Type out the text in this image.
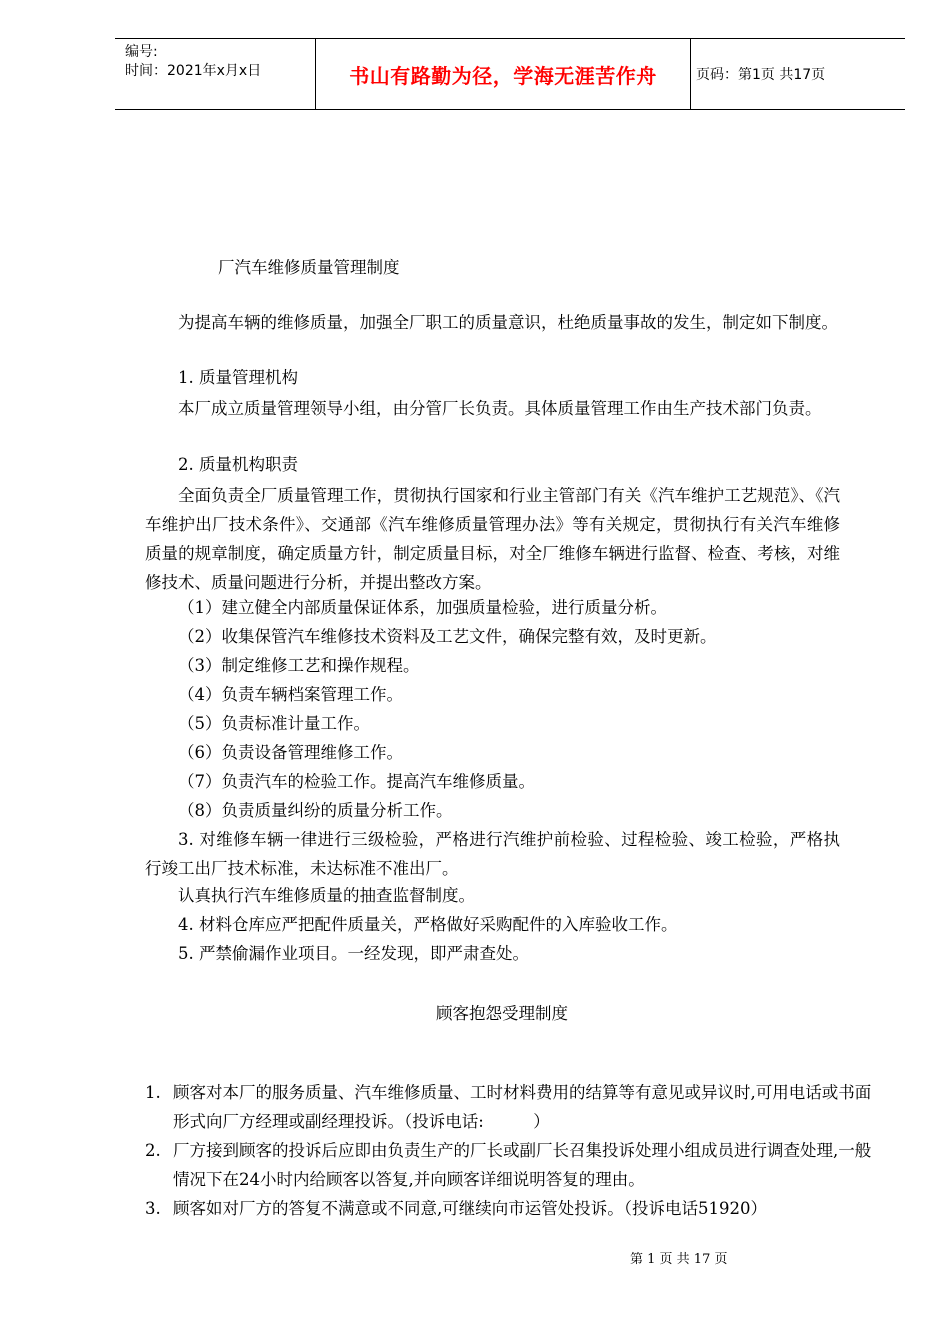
编号:
时间：2021年x月x日	书山有路勤为径，学海无涯苦作舟	页码：第1页 共17页
厂汽车维修质量管理制度
为提高车辆的维修质量，加强全厂职工的质量意识，杜绝质量事故的发生，制定如下制度。
1. 质量管理机构
本厂成立质量管理领导小组，由分管厂长负责。具体质量管理工作由生产技术部门负责。
2. 质量机构职责
全面负责全厂质量管理工作，贯彻执行国家和行业主管部门有关《汽车维护工艺规范》、《汽车维护出厂技术条件》、交通部《汽车维修质量管理办法》等有关规定，贯彻执行有关汽车维修质量的规章制度，确定质量方针，制定质量目标，对全厂维修车辆进行监督、检查、考核，对维修技术、质量问题进行分析，并提出整改方案。
（1）建立健全内部质量保证体系，加强质量检验，进行质量分析。
（2）收集保管汽车维修技术资料及工艺文件，确保完整有效，及时更新。
（3）制定维修工艺和操作规程。
（4）负责车辆档案管理工作。
（5）负责标准计量工作。
（6）负责设备管理维修工作。
（7）负责汽车的检验工作。提高汽车维修质量。
（8）负责质量纠纷的质量分析工作。
3. 对维修车辆一律进行三级检验，严格进行汽维护前检验、过程检验、竣工检验，严格执行竣工出厂技术标准，未达标准不准出厂。
认真执行汽车维修质量的抽查监督制度。
4. 材料仓库应严把配件质量关，严格做好采购配件的入库验收工作。
5. 严禁偷漏作业项目。一经发现，即严肃查处。
顾客抱怨受理制度
1. 顾客对本厂的服务质量、汽车维修质量、工时材料费用的结算等有意见或异议时,可用电话或书面形式向厂方经理或副经理投诉。（投诉电话:　　　）
2. 厂方接到顾客的投诉后应即由负责生产的厂长或副厂长召集投诉处理小组成员进行调查处理,一般情况下在24小时内给顾客以答复,并向顾客详细说明答复的理由。
3. 顾客如对厂方的答复不满意或不同意,可继续向市运管处投诉。（投诉电话51920）
第 1 页 共 17 页
